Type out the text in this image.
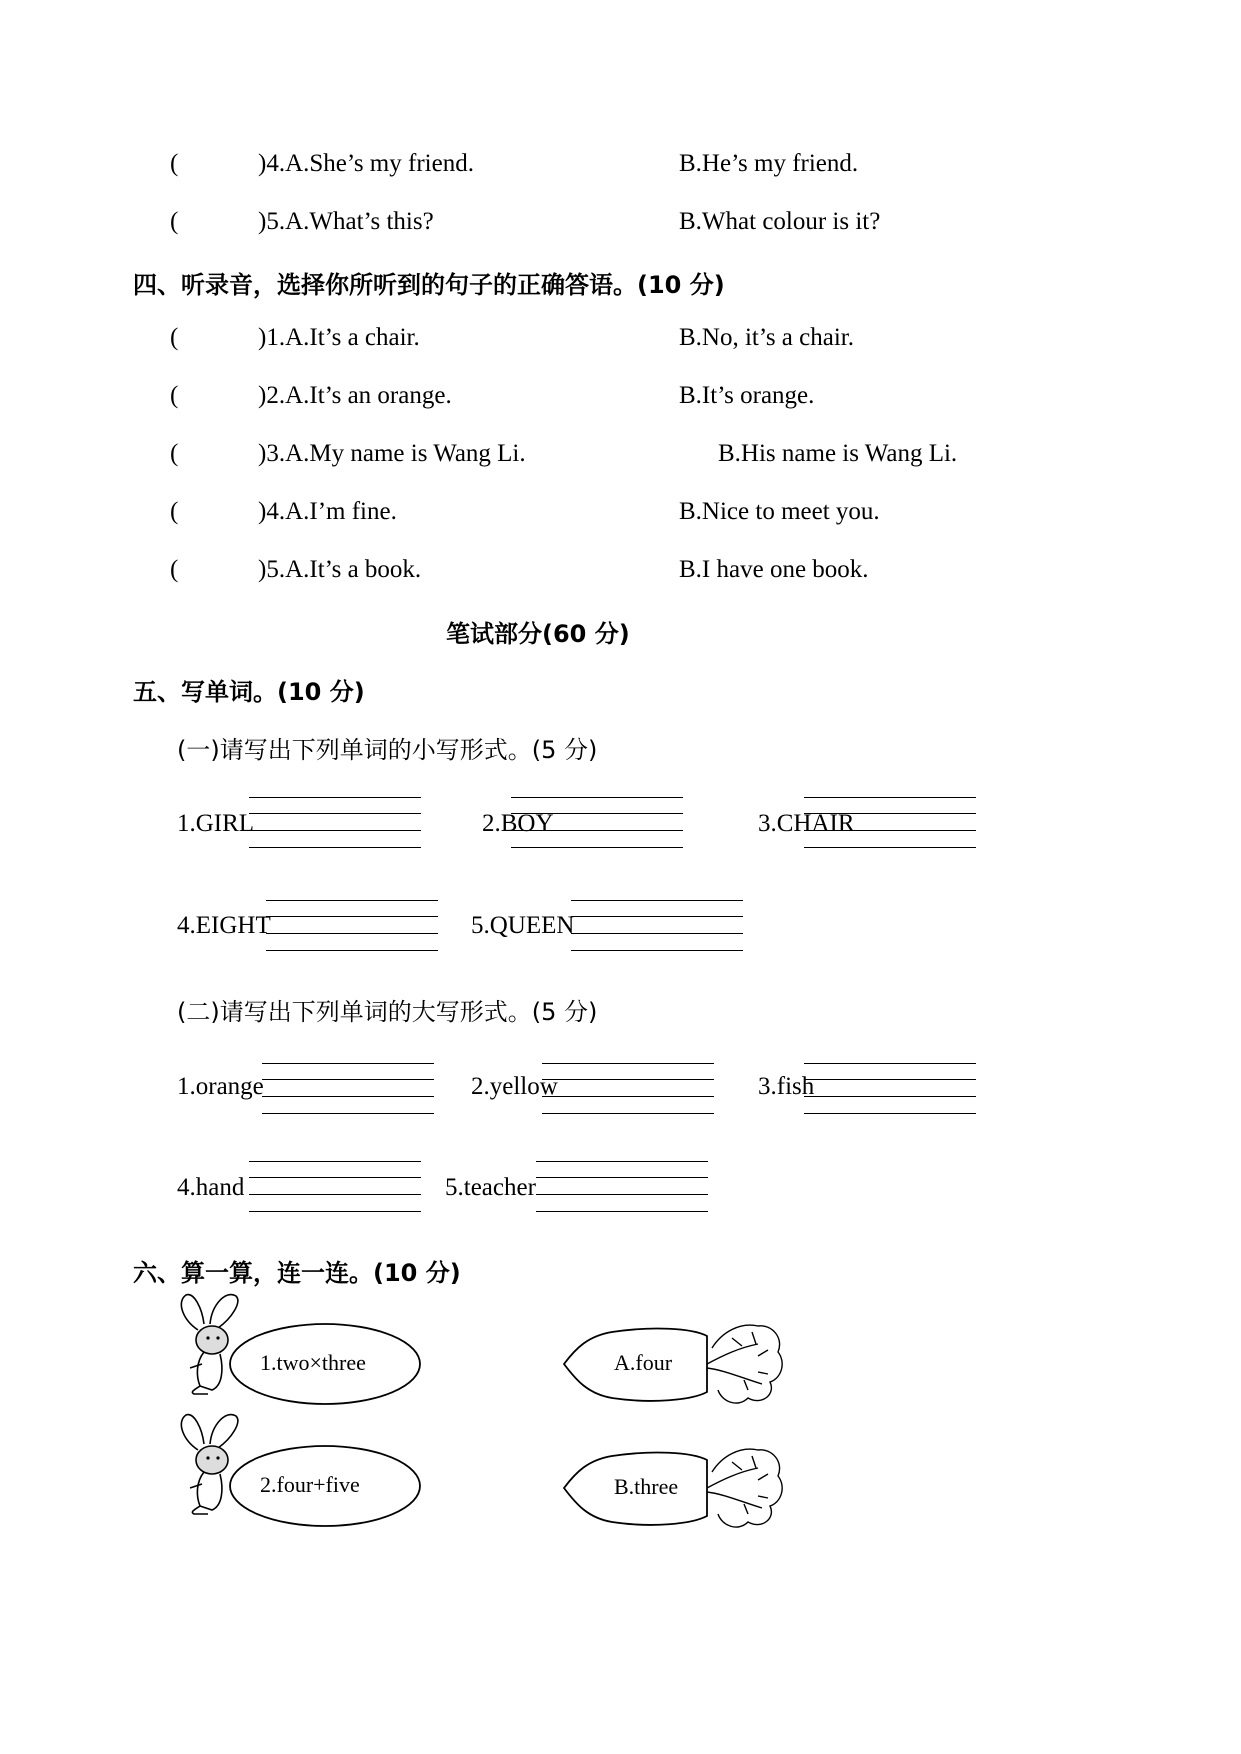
(	)4.A.She’s my friend.	B.He’s my friend.
(	)5.A.What’s this?	B.What colour is it?
四、听录音，选择你所听到的句子的正确答语。(10 分)
(	)1.A.It’s a chair.	B.No, it’s a chair.
(	)2.A.It’s an orange.	B.It’s orange.
(	)3.A.My name is Wang Li.	B.His name is Wang Li.
(	)4.A.I’m fine.	B.Nice to meet you.
(	)5.A.It’s a book.	B.I have one book.
笔试部分(60 分)
五、写单词。(10 分)
(一)请写出下列单词的小写形式。(5 分)
1.GIRL	2.BOY	3.CHAIR
4.EIGHT	5.QUEEN
(二)请写出下列单词的大写形式。(5 分)
1.orange	2.yellow	3.fish
4.hand	5.teacher
六、算一算，连一连。(10 分)
1.two×three	A.four
2.four+five	B.three
